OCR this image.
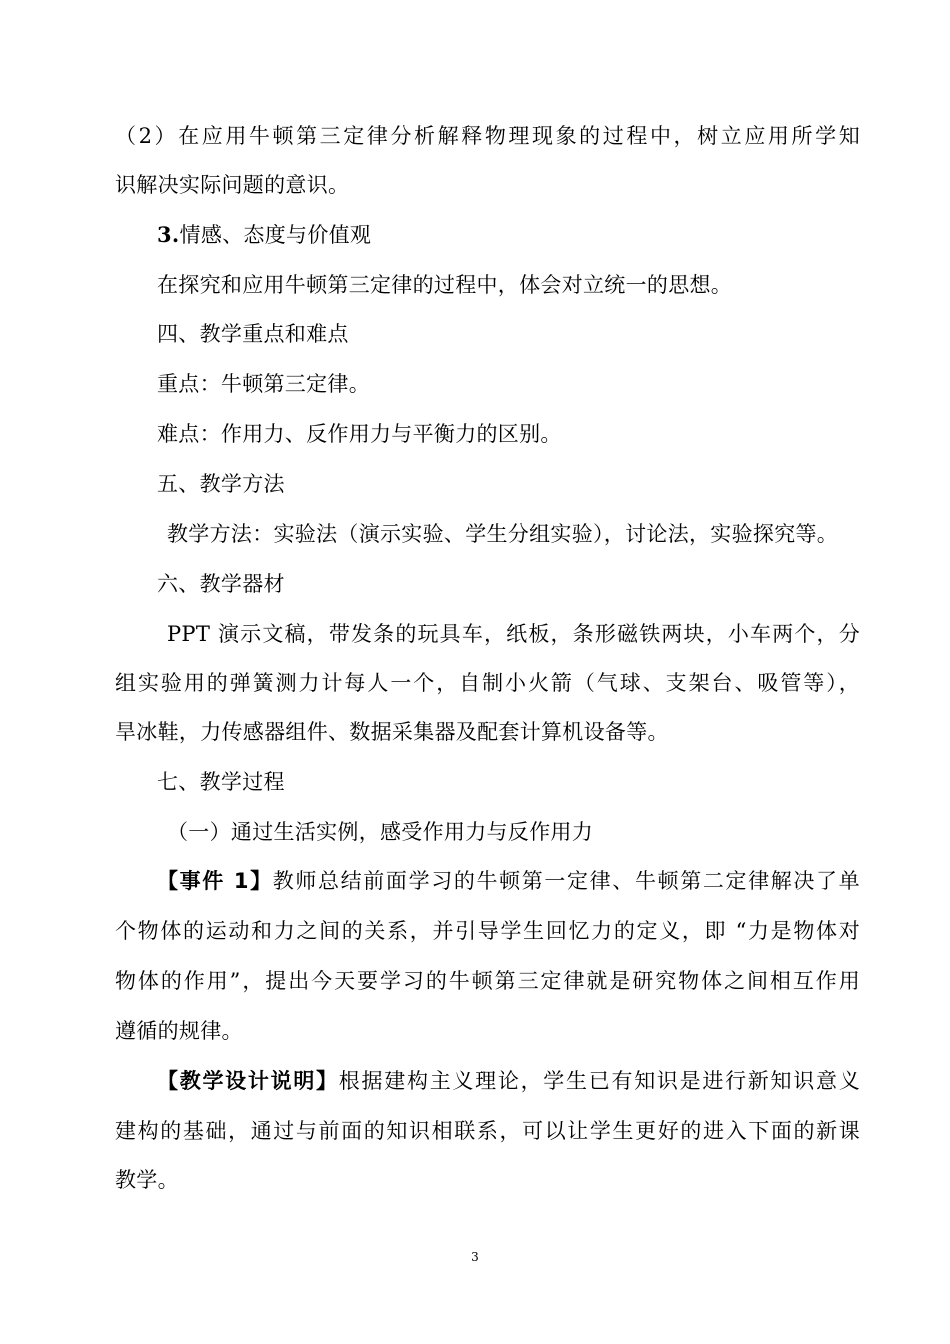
（2）在应用牛顿第三定律分析解释物理现象的过程中，树立应用所学知
识解决实际问题的意识。
3.情感、态度与价值观
在探究和应用牛顿第三定律的过程中，体会对立统一的思想。
四、教学重点和难点
重点：牛顿第三定律。
难点：作用力、反作用力与平衡力的区别。
五、教学方法
教学方法：实验法（演示实验、学生分组实验），讨论法，实验探究等。
六、教学器材
PPT 演示文稿，带发条的玩具车，纸板，条形磁铁两块，小车两个，分
组实验用的弹簧测力计每人一个，自制小火箭（气球、支架台、吸管等），
旱冰鞋，力传感器组件、数据采集器及配套计算机设备等。
七、教学过程
（一）通过生活实例，感受作用力与反作用力
【事件 1】教师总结前面学习的牛顿第一定律、牛顿第二定律解决了单
个物体的运动和力之间的关系，并引导学生回忆力的定义，即 “力是物体对
物体的作用”，提出今天要学习的牛顿第三定律就是研究物体之间相互作用
遵循的规律。
【教学设计说明】根据建构主义理论，学生已有知识是进行新知识意义
建构的基础，通过与前面的知识相联系，可以让学生更好的进入下面的新课
教学。
3
